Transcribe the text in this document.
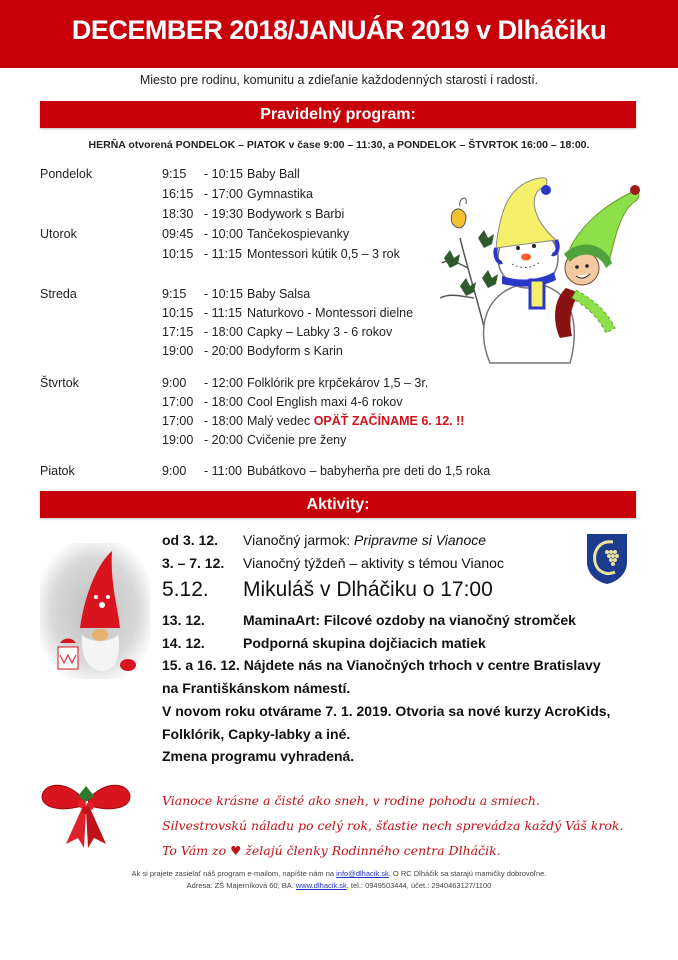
DECEMBER 2018/JANUÁR 2019 v Dlháčiku
Miesto pre rodinu, komunitu a zdieľanie každodenných starostí i radostí.
Pravidelný program:
HERŇA otvorená PONDELOK – PIATOK v čase 9:00 – 11:30, a PONDELOK – ŠTVRTOK 16:00 – 18:00.
Pondelok	9:15 - 10:15 Baby Ball
16:15 - 17:00 Gymnastika
18:30 - 19:30 Bodywork s Barbi
Utorok	09:45 - 10:00 Tančekospievanky
10:15 - 11:15 Montessori kútik 0,5 – 3 rok
Streda	9:15 - 10:15 Baby Salsa
10:15 - 11:15 Naturkovo - Montessori dielne
17:15 - 18:00 Capky – Labky 3 - 6 rokov
19:00 - 20:00 Bodyform s Karin
Štvrtok	9:00 - 12:00 Folklórik pre krpčekárov 1,5 – 3r.
17:00 - 18:00 Cool English maxi 4-6 rokov
17:00 - 18:00 Malý vedec OPÄŤ ZAČÍNAME 6. 12. !!
19:00 - 20:00 Cvičenie pre ženy
Piatok	9:00 - 11:00 Bubátkovo – babyherňa pre deti do 1,5 roka
Aktivity:
od 3. 12. Vianočný jarmok: Pripravme si Vianoce
3. – 7. 12. Vianočný týždeň – aktivity s témou Vianoc
5.12. Mikuláš v Dlháčiku o 17:00
13. 12.	MaminaArt: Filcové ozdoby na vianočný stromček
14. 12.	Podporná skupina dojčiacich matiek
15. a 16. 12. Nájdete nás na Vianočných trhoch v centre Bratislavy
na Františkánskom námestí.
V novom roku otvárame 7. 1. 2019. Otvoria sa nové kurzy AcroKids,
Folklórik, Capky-labky a iné.
Zmena programu vyhradená.
Vianoce krásne a čisté ako sneh, v rodine pohodu a smiech.
Silvestrovskú náladu po celý rok, šťastie nech sprevádza každý Váš krok.
To Vám zo ♥ želajú členky Rodinného centra Dlháčik.
Ak si prajete zasielať náš program e-mailom, napíšte nám na info@dlhacik.sk. O RC Dlháčik sa starajú mamičky dobrovoľne.
Adresa: ZŠ Majerníková 60, BA. www.dlhacik.sk, tel.: 0949503444, účet.: 2940463127/1100
